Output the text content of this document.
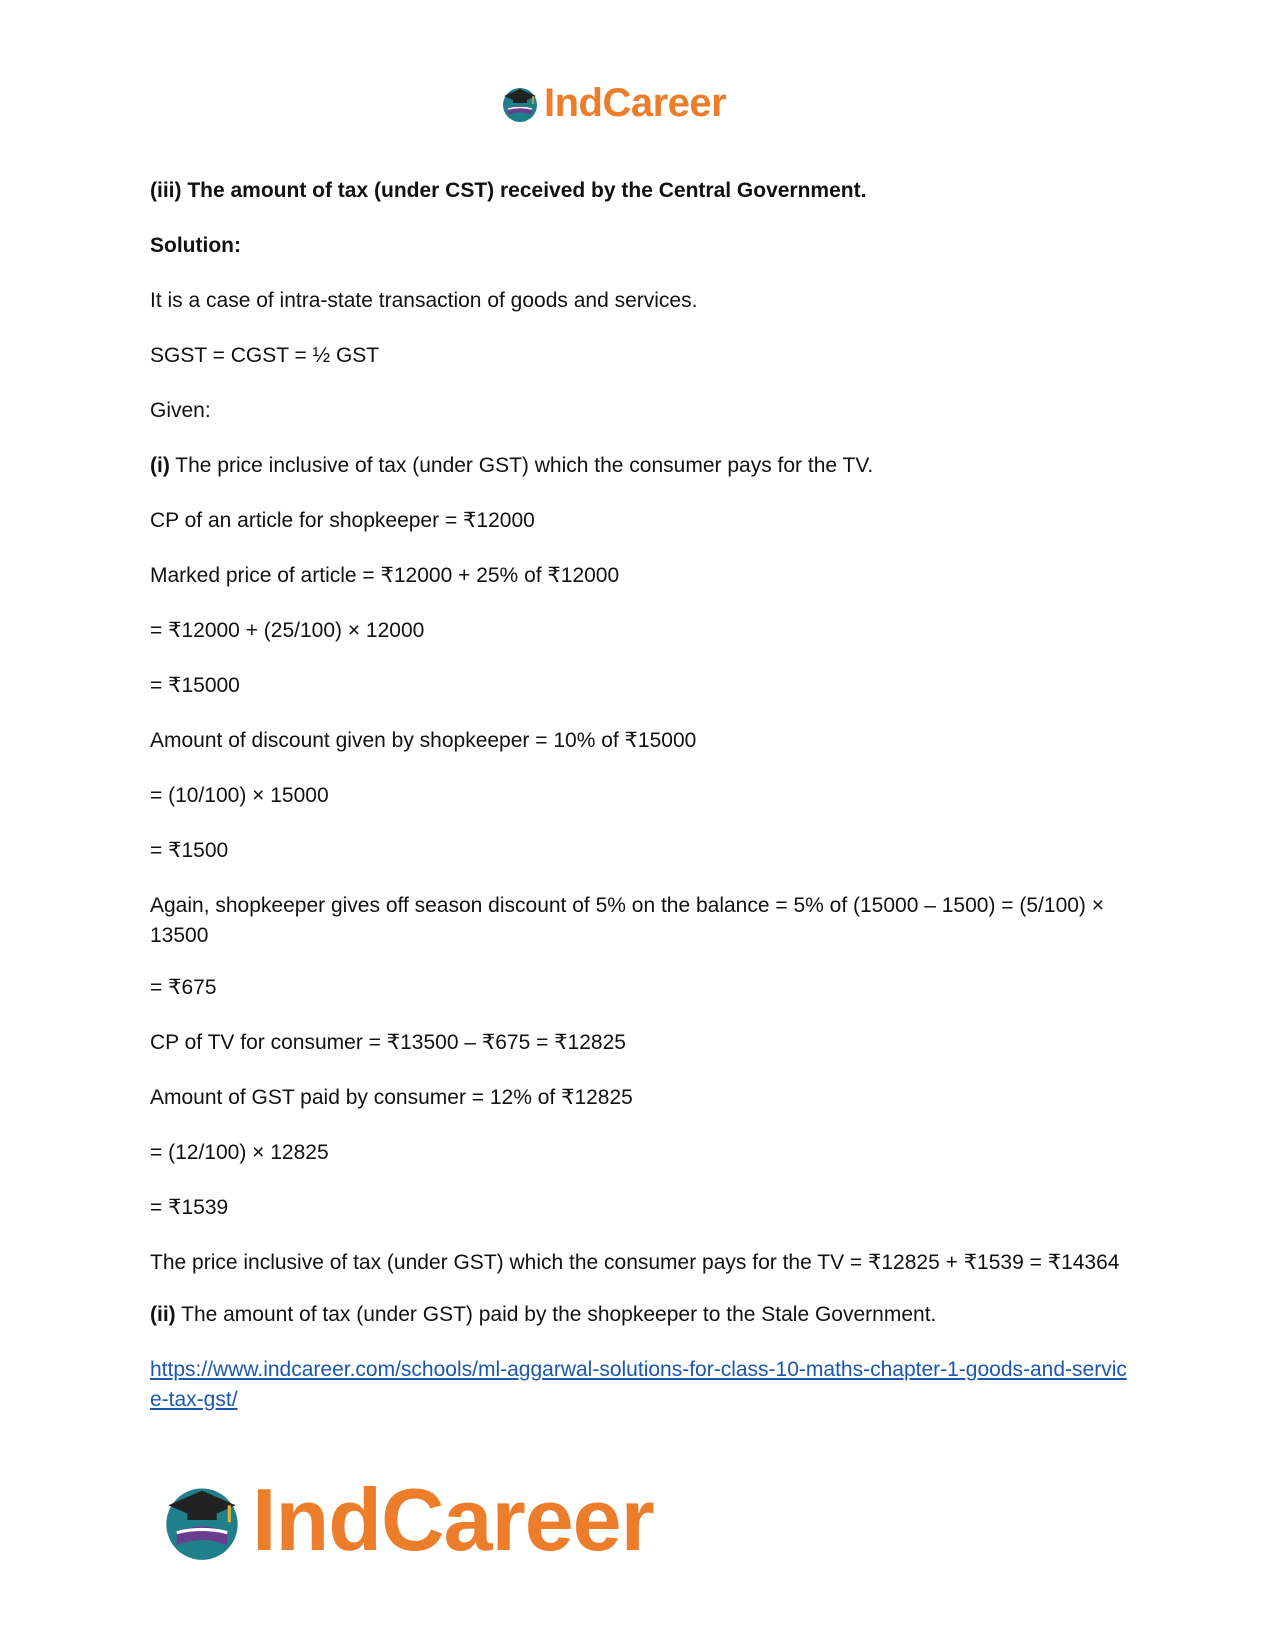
IndCareer

(iii) The amount of tax (under CST) received by the Central Government.

Solution:

It is a case of intra-state transaction of goods and services.

SGST = CGST = ½ GST

Given:

(i) The price inclusive of tax (under GST) which the consumer pays for the TV.

CP of an article for shopkeeper = ₹12000

Marked price of article = ₹12000 + 25% of ₹12000

= ₹12000 + (25/100) × 12000

= ₹15000

Amount of discount given by shopkeeper = 10% of ₹15000

= (10/100) × 15000

= ₹1500

Again, shopkeeper gives off season discount of 5% on the balance = 5% of (15000 – 1500) = (5/100) × 13500

= ₹675

CP of TV for consumer = ₹13500 – ₹675 = ₹12825

Amount of GST paid by consumer = 12% of ₹12825

= (12/100) × 12825

= ₹1539

The price inclusive of tax (under GST) which the consumer pays for the TV = ₹12825 + ₹1539 = ₹14364

(ii) The amount of tax (under GST) paid by the shopkeeper to the Stale Government.

https://www.indcareer.com/schools/ml-aggarwal-solutions-for-class-10-maths-chapter-1-goods-and-service-tax-gst/

IndCareer
